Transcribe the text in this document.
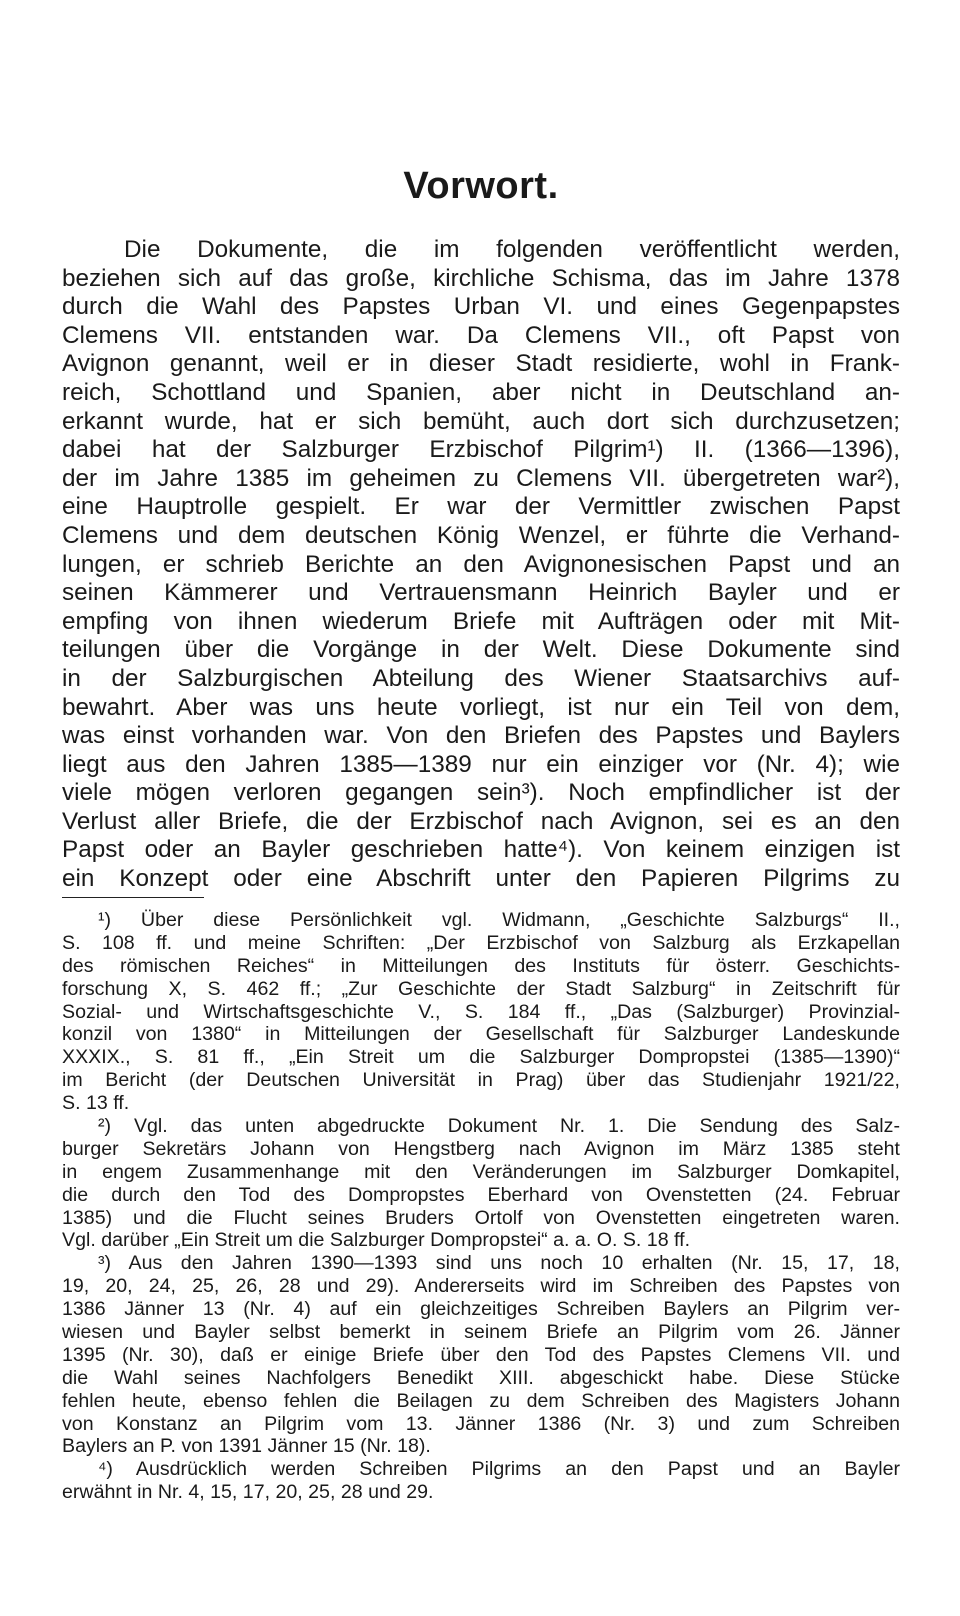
Vorwort.
Die Dokumente, die im folgenden veröffentlicht werden,
beziehen sich auf das große, kirchliche Schisma, das im Jahre 1378
durch die Wahl des Papstes Urban VI. und eines Gegenpapstes
Clemens VII. entstanden war. Da Clemens VII., oft Papst von
Avignon genannt, weil er in dieser Stadt residierte, wohl in Frank-
reich, Schottland und Spanien, aber nicht in Deutschland an-
erkannt wurde, hat er sich bemüht, auch dort sich durchzusetzen;
dabei hat der Salzburger Erzbischof Pilgrim¹) II. (1366—1396),
der im Jahre 1385 im geheimen zu Clemens VII. übergetreten war²),
eine Hauptrolle gespielt. Er war der Vermittler zwischen Papst
Clemens und dem deutschen König Wenzel, er führte die Verhand-
lungen, er schrieb Berichte an den Avignonesischen Papst und an
seinen Kämmerer und Vertrauensmann Heinrich Bayler und er
empfing von ihnen wiederum Briefe mit Aufträgen oder mit Mit-
teilungen über die Vorgänge in der Welt. Diese Dokumente sind
in der Salzburgischen Abteilung des Wiener Staatsarchivs auf-
bewahrt. Aber was uns heute vorliegt, ist nur ein Teil von dem,
was einst vorhanden war. Von den Briefen des Papstes und Baylers
liegt aus den Jahren 1385—1389 nur ein einziger vor (Nr. 4); wie
viele mögen verloren gegangen sein³). Noch empfindlicher ist der
Verlust aller Briefe, die der Erzbischof nach Avignon, sei es an den
Papst oder an Bayler geschrieben hatte⁴). Von keinem einzigen ist
ein Konzept oder eine Abschrift unter den Papieren Pilgrims zu
¹) Über diese Persönlichkeit vgl. Widmann, „Geschichte Salzburgs“ II.,
S. 108 ff. und meine Schriften: „Der Erzbischof von Salzburg als Erzkapellan
des römischen Reiches“ in Mitteilungen des Instituts für österr. Geschichts-
forschung X, S. 462 ff.; „Zur Geschichte der Stadt Salzburg“ in Zeitschrift für
Sozial- und Wirtschaftsgeschichte V., S. 184 ff., „Das (Salzburger) Provinzial-
konzil von 1380“ in Mitteilungen der Gesellschaft für Salzburger Landeskunde
XXXIX., S. 81 ff., „Ein Streit um die Salzburger Dompropstei (1385—1390)“
im Bericht (der Deutschen Universität in Prag) über das Studienjahr 1921/22,
S. 13 ff.
²) Vgl. das unten abgedruckte Dokument Nr. 1. Die Sendung des Salz-
burger Sekretärs Johann von Hengstberg nach Avignon im März 1385 steht
in engem Zusammenhange mit den Veränderungen im Salzburger Domkapitel,
die durch den Tod des Dompropstes Eberhard von Ovenstetten (24. Februar
1385) und die Flucht seines Bruders Ortolf von Ovenstetten eingetreten waren.
Vgl. darüber „Ein Streit um die Salzburger Dompropstei“ a. a. O. S. 18 ff.
³) Aus den Jahren 1390—1393 sind uns noch 10 erhalten (Nr. 15, 17, 18,
19, 20, 24, 25, 26, 28 und 29). Andererseits wird im Schreiben des Papstes von
1386 Jänner 13 (Nr. 4) auf ein gleichzeitiges Schreiben Baylers an Pilgrim ver-
wiesen und Bayler selbst bemerkt in seinem Briefe an Pilgrim vom 26. Jänner
1395 (Nr. 30), daß er einige Briefe über den Tod des Papstes Clemens VII. und
die Wahl seines Nachfolgers Benedikt XIII. abgeschickt habe. Diese Stücke
fehlen heute, ebenso fehlen die Beilagen zu dem Schreiben des Magisters Johann
von Konstanz an Pilgrim vom 13. Jänner 1386 (Nr. 3) und zum Schreiben
Baylers an P. von 1391 Jänner 15 (Nr. 18).
⁴) Ausdrücklich werden Schreiben Pilgrims an den Papst und an Bayler
erwähnt in Nr. 4, 15, 17, 20, 25, 28 und 29.
